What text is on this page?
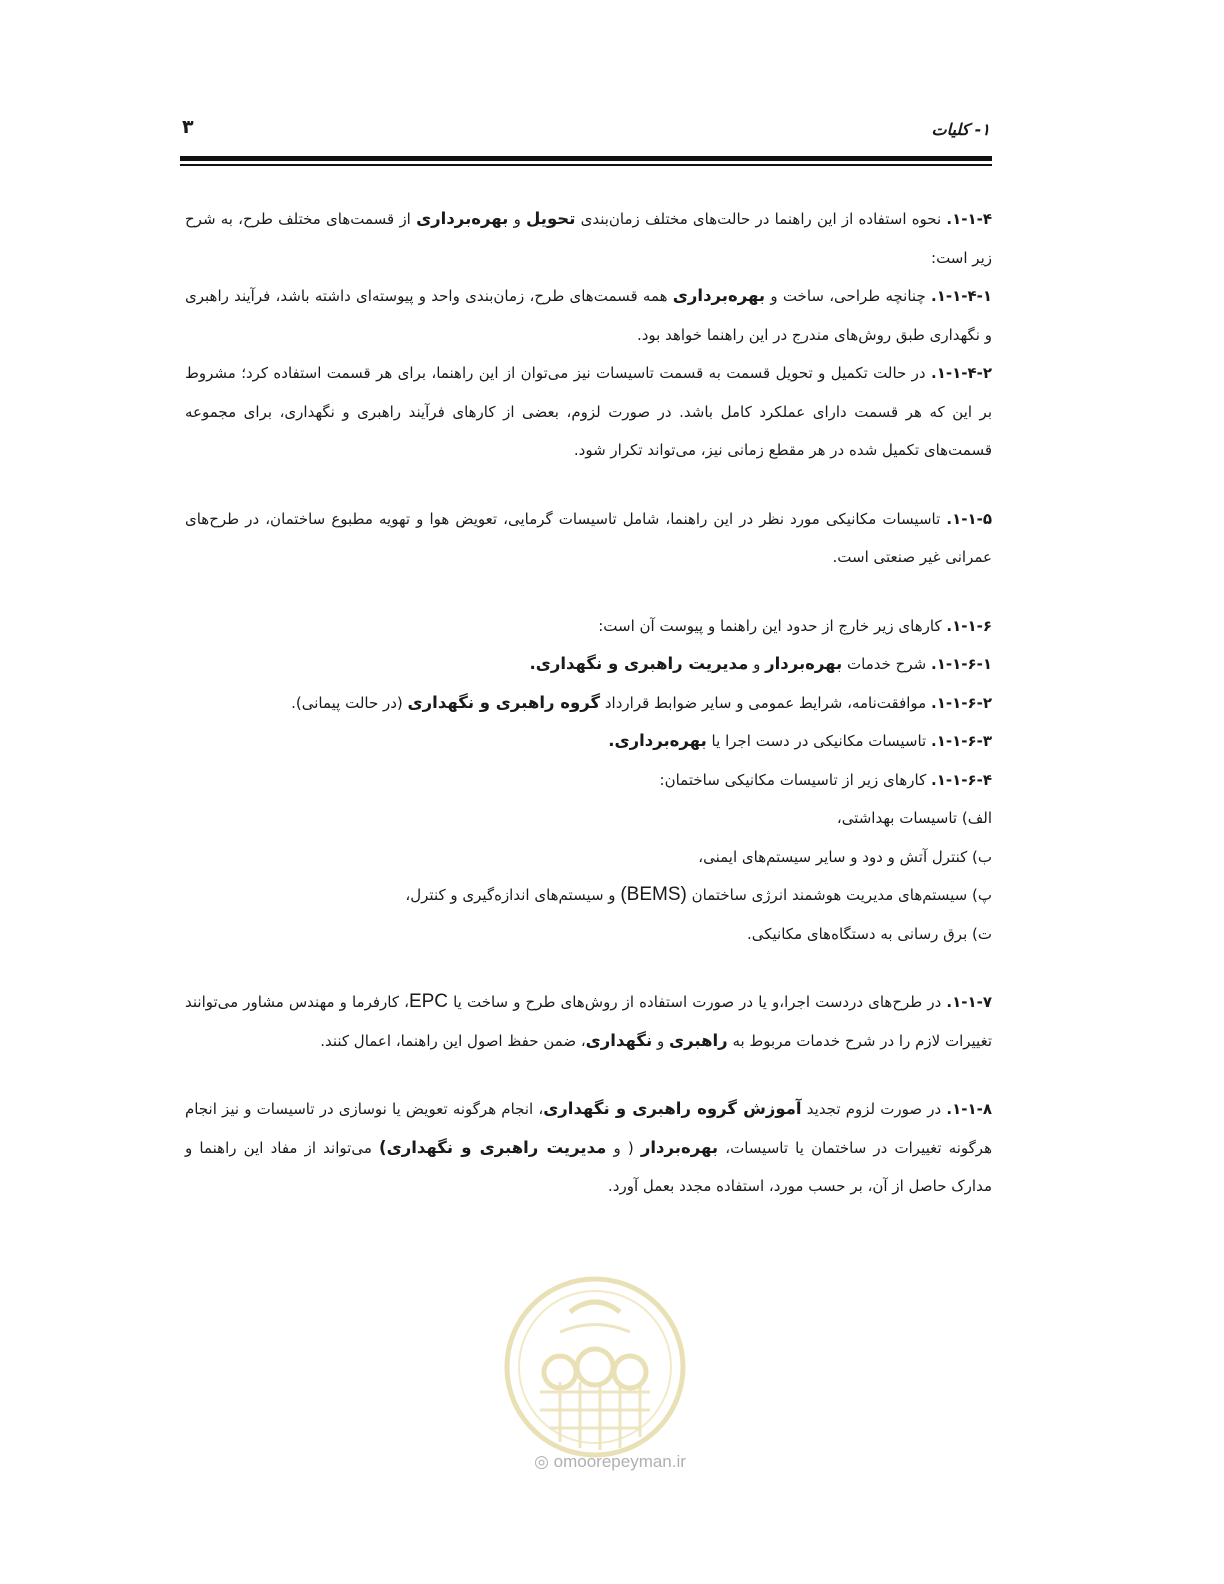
۱- کلیات
۳

۱-۱-۴. نحوه استفاده از این راهنما در حالت‌های مختلف زمان‌بندی تحویل و بهره‌برداری از قسمت‌های مختلف طرح، به شرح زیر است:

۱-۱-۴-۱. چنانچه طراحی، ساخت و بهره‌برداری همه قسمت‌های طرح، زمان‌بندی واحد و پیوسته‌ای داشته باشد، فرآیند راهبری و نگهداری طبق روش‌های مندرج در این راهنما خواهد بود.

۱-۱-۴-۲. در حالت تکمیل و تحویل قسمت به قسمت تاسیسات نیز می‌توان از این راهنما، برای هر قسمت استفاده کرد؛ مشروط بر این که هر قسمت دارای عملکرد کامل باشد. در صورت لزوم، بعضی از کارهای فرآیند راهبری و نگهداری، برای مجموعه قسمت‌های تکمیل شده در هر مقطع زمانی نیز، می‌تواند تکرار شود.

۱-۱-۵. تاسیسات مکانیکی مورد نظر در این راهنما، شامل تاسیسات گرمایی، تعویض هوا و تهویه مطبوع ساختمان، در طرح‌های عمرانی غیر صنعتی است.

۱-۱-۶. کارهای زیر خارج از حدود این راهنما و پیوست آن است:

۱-۱-۶-۱. شرح خدمات بهره‌بردار و مدیریت راهبری و نگهداری.

۱-۱-۶-۲. موافقت‌نامه، شرایط عمومی و سایر ضوابط قرارداد گروه راهبری و نگهداری (در حالت پیمانی).

۱-۱-۶-۳. تاسیسات مکانیکی در دست اجرا یا بهره‌برداری.

۱-۱-۶-۴. کارهای زیر از تاسیسات مکانیکی ساختمان:

الف) تاسیسات بهداشتی،
ب) کنترل آتش و دود و سایر سیستم‌های ایمنی،
پ) سیستم‌های مدیریت هوشمند انرژی ساختمان (BEMS) و سیستم‌های اندازه‌گیری و کنترل،
ت) برق رسانی به دستگاه‌های مکانیکی.

۱-۱-۷. در طرح‌های دردست اجرا،و یا در صورت استفاده از روش‌های طرح و ساخت یا EPC، کارفرما و مهندس مشاور می‌توانند تغییرات لازم را در شرح خدمات مربوط به راهبری و نگهداری، ضمن حفظ اصول این راهنما، اعمال کنند.

۱-۱-۸. در صورت لزوم تجدید آموزش گروه راهبری و نگهداری، انجام هرگونه تعویض یا نوسازی در تاسیسات و نیز انجام هرگونه تغییرات در ساختمان یا تاسیسات، بهره‌بردار ( و مدیریت راهبری و نگهداری) می‌تواند از مفاد این راهنما و مدارک حاصل از آن، بر حسب مورد، استفاده مجدد بعمل آورد.

◎ omoorepeyman.ir
